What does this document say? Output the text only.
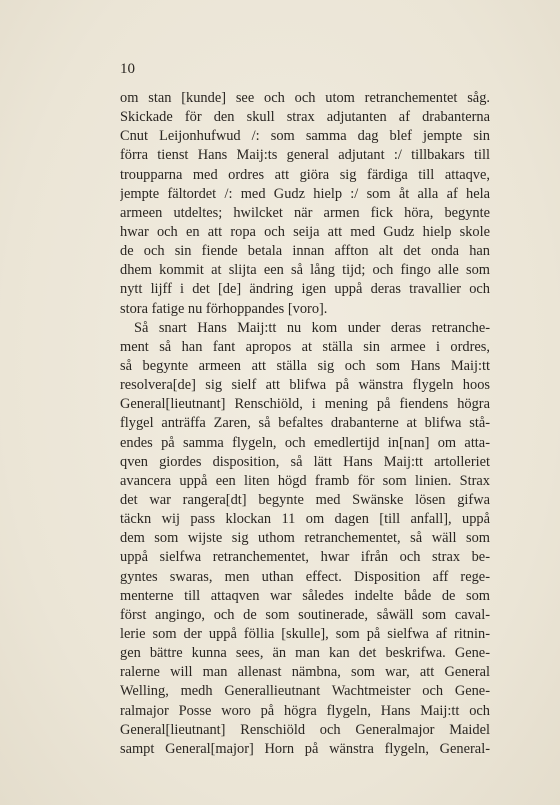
10
om stan [kunde] see och och utom retranchementet såg.
Skickade för den skull strax adjutanten af drabanterna
Cnut Leijonhufwud /: som samma dag blef jempte sin
förra tienst Hans Maij:ts general adjutant :/ tillbakars till
troupparna med ordres att giöra sig färdiga till attaqve,
jempte fältordet /: med Gudz hielp :/ som åt alla af hela
armeen utdeltes; hwilcket när armen fick höra, begynte
hwar och en att ropa och seija att med Gudz hielp skole
de och sin fiende betala innan affton alt det onda han
dhem kommit at slijta een så lång tijd; och fingo alle som
nytt lijff i det [de] ändring igen uppå deras travallier och
stora fatige nu förhoppandes [voro].
Så snart Hans Maij:tt nu kom under deras retranche-
ment så han fant apropos at ställa sin armee i ordres,
så begynte armeen att ställa sig och som Hans Maij:tt
resolvera[de] sig sielf att blifwa på wänstra flygeln hoos
General[lieutnant] Renschiöld, i mening på fiendens högra
flygel anträffa Zaren, så befaltes drabanterne at blifwa stå-
endes på samma flygeln, och emedlertijd in[nan] om atta-
qven giordes disposition, så lätt Hans Maij:tt artolleriet
avancera uppå een liten högd framb för som linien. Strax
det war rangera[dt] begynte med Swänske lösen gifwa
täckn wij pass klockan 11 om dagen [till anfall], uppå
dem som wijste sig uthom retranchementet, så wäll som
uppå sielfwa retranchementet, hwar ifrån och strax be-
gyntes swaras, men uthan effect. Disposition aff rege-
menterne till attaqven war således indelte både de som
först angingo, och de som soutinerade, såwäll som caval-
lerie som der uppå föllia [skulle], som på sielfwa af ritnin-
gen bättre kunna sees, än man kan det beskrifwa. Gene-
ralerne will man allenast nämbna, som war, att General
Welling, medh Generallieutnant Wachtmeister och Gene-
ralmajor Posse woro på högra flygeln, Hans Maij:tt och
General[lieutnant] Renschiöld och Generalmajor Maidel
sampt General[major] Horn på wänstra flygeln, General-
